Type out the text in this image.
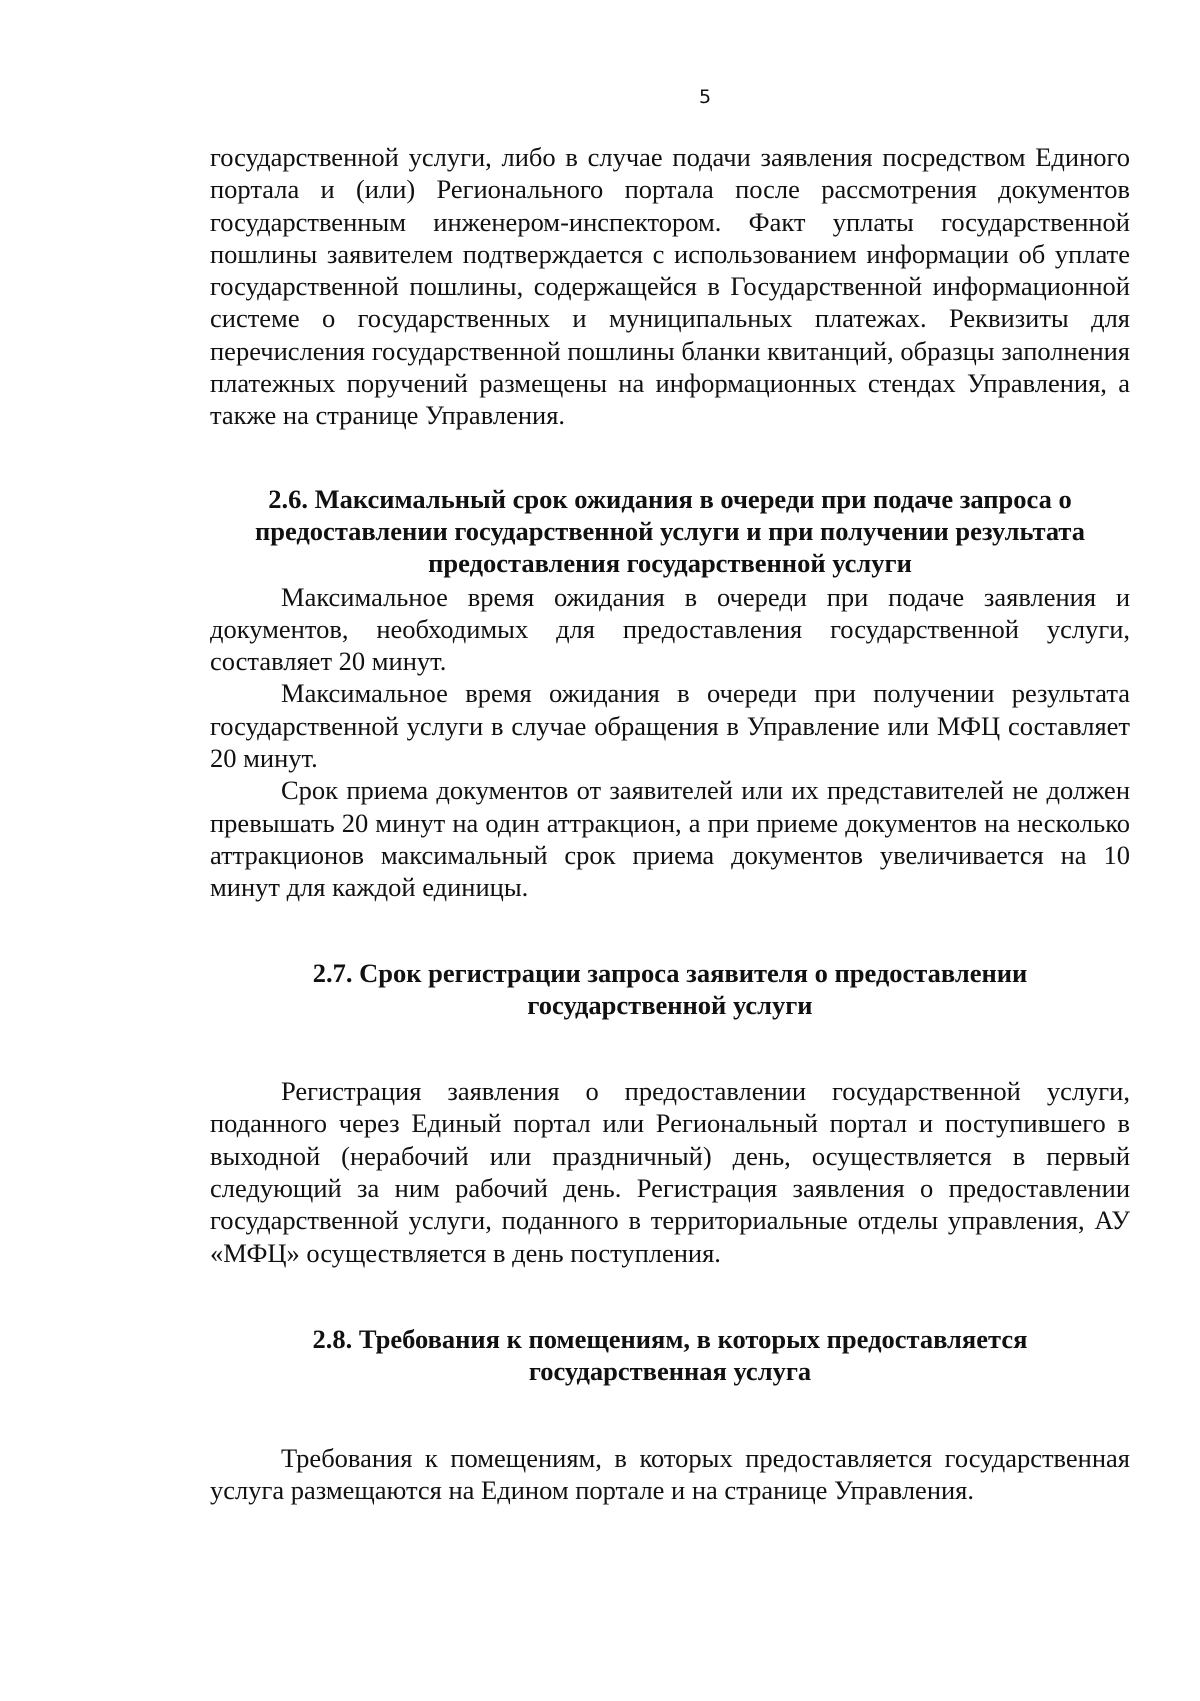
5

государственной услуги, либо в случае подачи заявления посредством Единого портала и (или) Регионального портала после рассмотрения документов государственным инженером-инспектором. Факт уплаты государственной пошлины заявителем подтверждается с использованием информации об уплате государственной пошлины, содержащейся в Государственной информационной системе о государственных и муниципальных платежах. Реквизиты для перечисления государственной пошлины бланки квитанций, образцы заполнения платежных поручений размещены на информационных стендах Управления, а также на странице Управления.

2.6. Максимальный срок ожидания в очереди при подаче запроса о предоставлении государственной услуги и при получении результата предоставления государственной услуги

Максимальное время ожидания в очереди при подаче заявления и документов, необходимых для предоставления государственной услуги, составляет 20 минут.

Максимальное время ожидания в очереди при получении результата государственной услуги в случае обращения в Управление или МФЦ составляет 20 минут.

Срок приема документов от заявителей или их представителей не должен превышать 20 минут на один аттракцион, а при приеме документов на несколько аттракционов максимальный срок приема документов увеличивается на 10 минут для каждой единицы.

2.7. Срок регистрации запроса заявителя о предоставлении государственной услуги

Регистрация заявления о предоставлении государственной услуги, поданного через Единый портал или Региональный портал и поступившего в выходной (нерабочий или праздничный) день, осуществляется в первый следующий за ним рабочий день. Регистрация заявления о предоставлении государственной услуги, поданного в территориальные отделы управления, АУ «МФЦ» осуществляется в день поступления.

2.8. Требования к помещениям, в которых предоставляется государственная услуга

Требования к помещениям, в которых предоставляется государственная услуга размещаются на Едином портале и на странице Управления.
